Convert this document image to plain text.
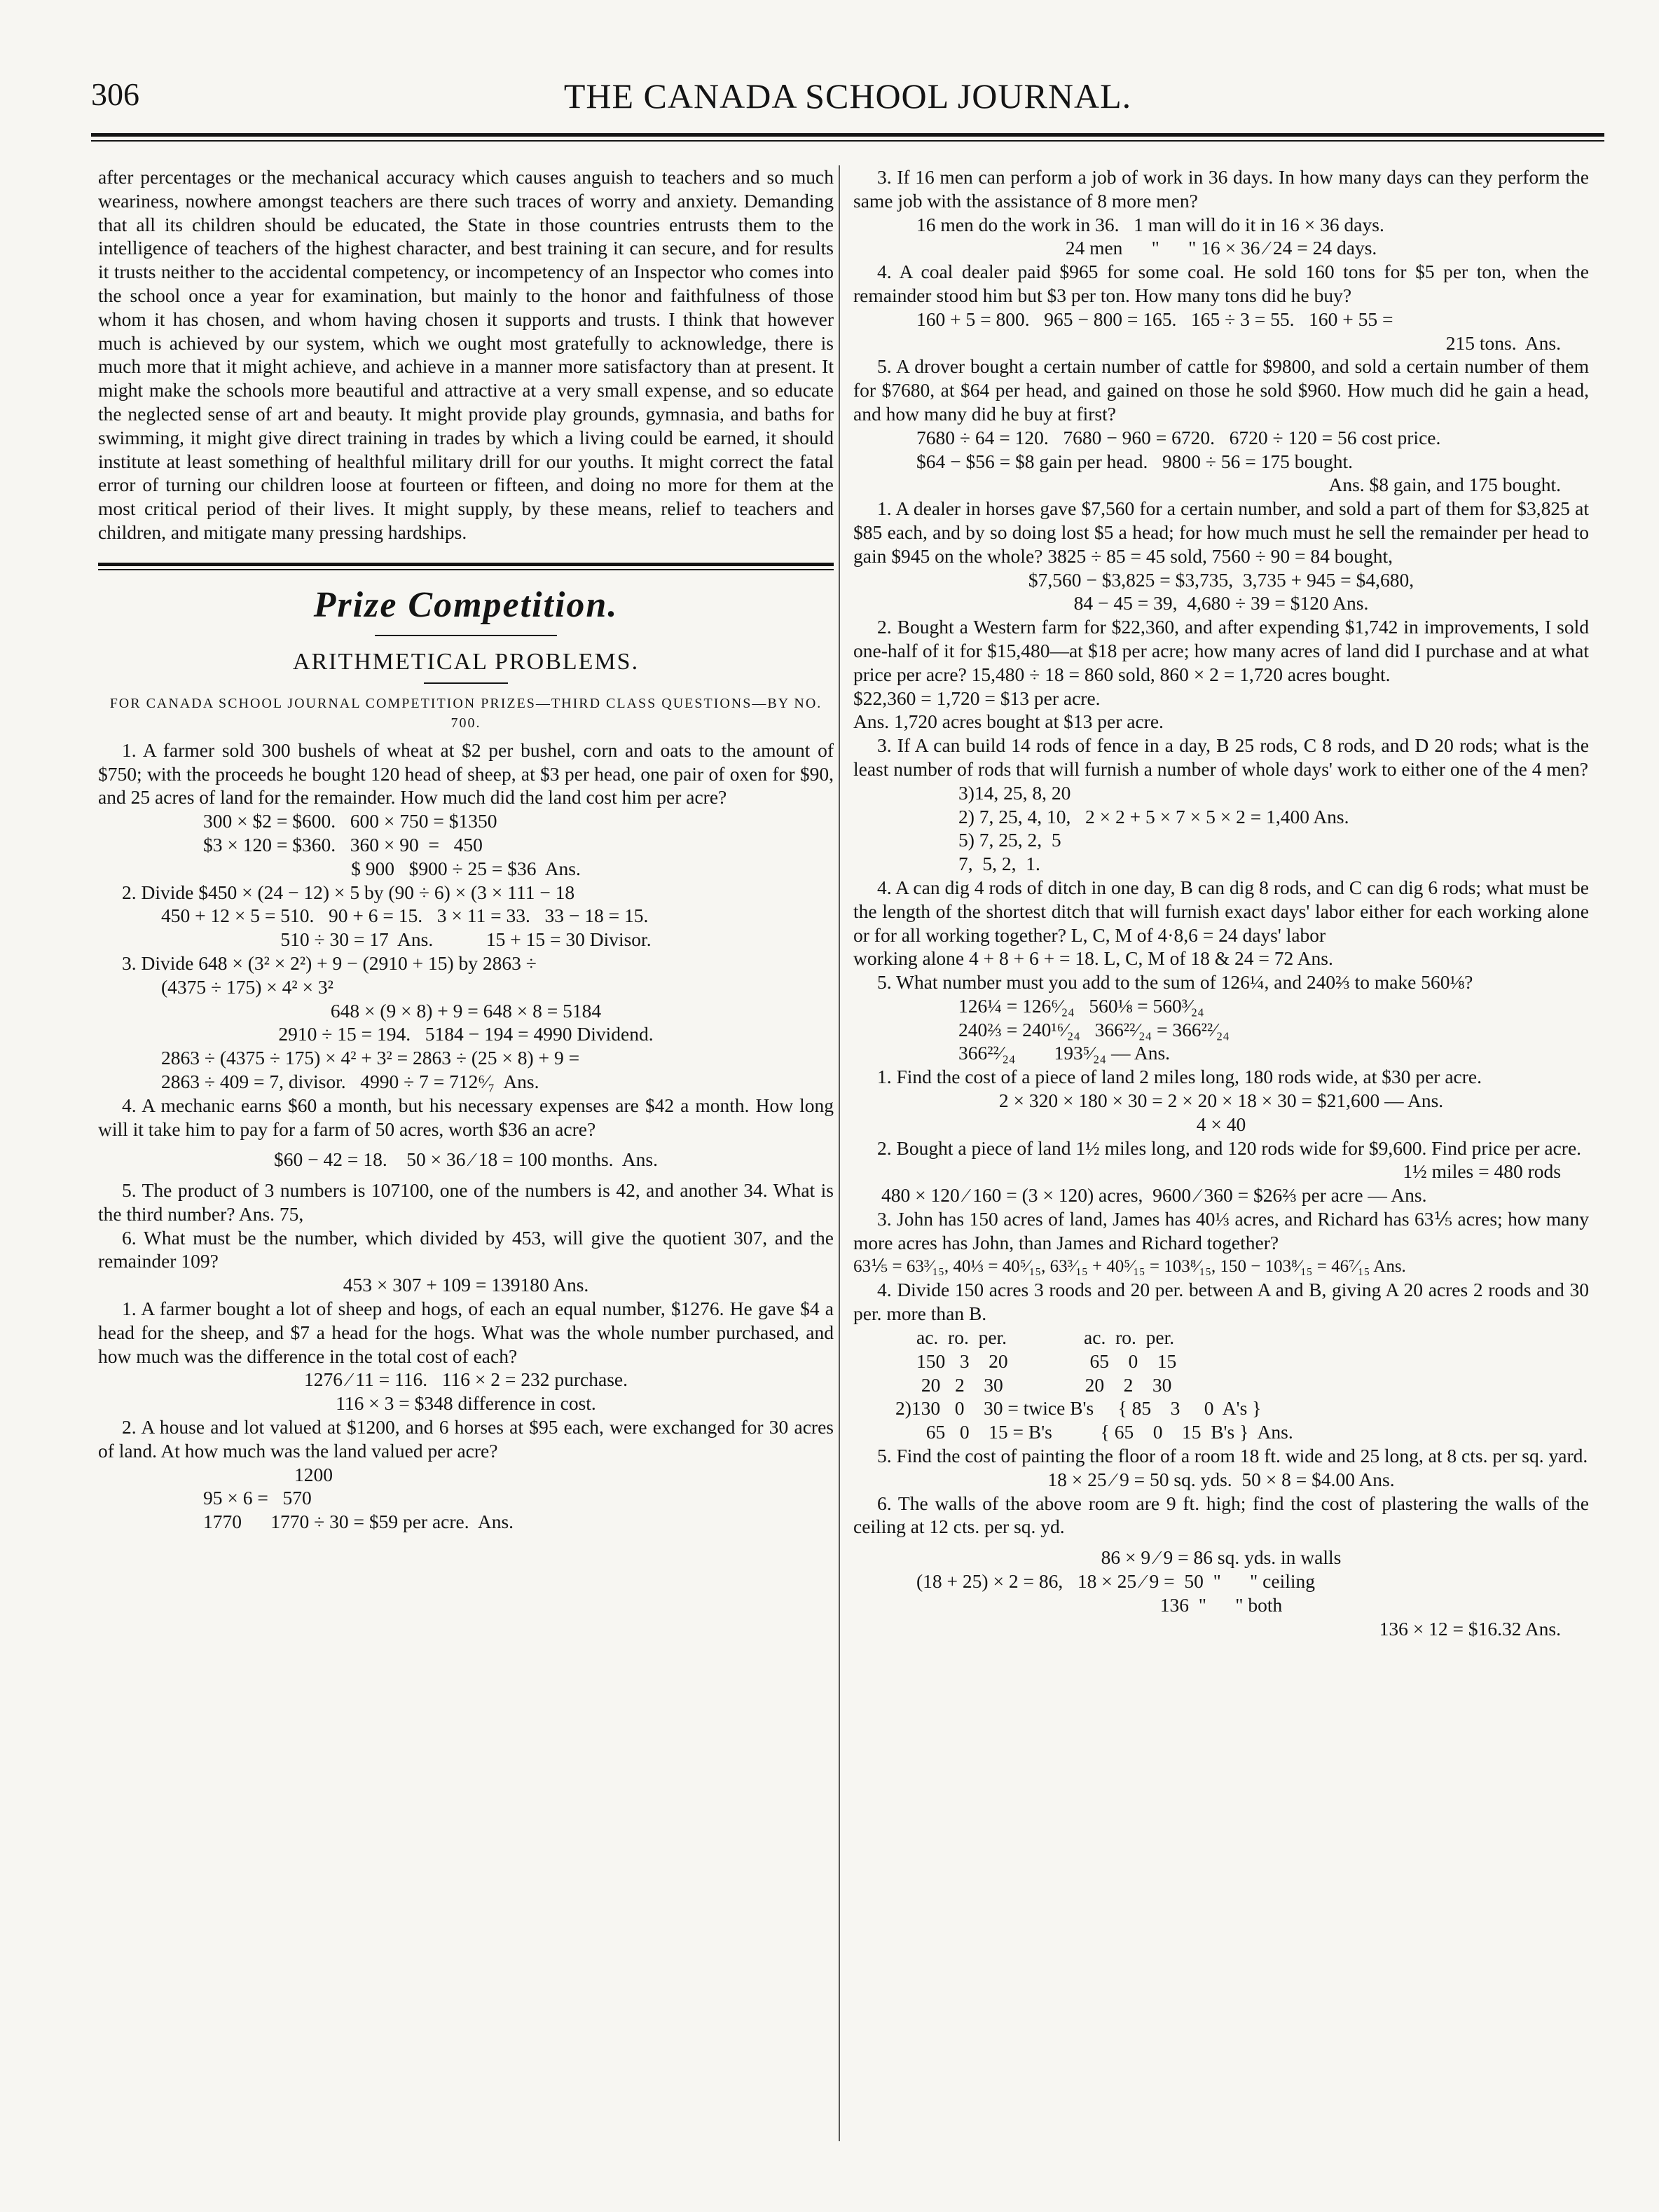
THE CANADA SCHOOL JOURNAL.
306

after percentages or the mechanical accuracy which causes anguish to teachers and so much weariness, nowhere amongst teachers are there such traces of worry and anxiety. Demanding that all its children should be educated, the State in those countries entrusts them to the intelligence of teachers of the highest character, and best training it can secure, and for results it trusts neither to the accidental competency, or incompetency of an Inspector who comes into the school once a year for examination, but mainly to the honor and faithfulness of those whom it has chosen, and whom having chosen it supports and trusts. I think that however much is achieved by our system, which we ought most gratefully to acknowledge, there is much more that it might achieve, and achieve in a manner more satisfactory than at present. It might make the schools more beautiful and attractive at a very small expense, and so educate the neglected sense of art and beauty. It might provide play grounds, gymnasia, and baths for swimming, it might give direct training in trades by which a living could be earned, it should institute at least something of healthful military drill for our youths. It might correct the fatal error of turning our children loose at fourteen or fifteen, and doing no more for them at the most critical period of their lives. It might supply, by these means, relief to teachers and children, and mitigate many pressing hardships.

Prize Competition.
ARITHMETICAL PROBLEMS.
FOR CANADA SCHOOL JOURNAL COMPETITION PRIZES—THIRD CLASS QUESTIONS—BY NO. 700.

1. A farmer sold 300 bushels of wheat at $2 per bushel, corn and oats to the amount of $750; with the proceeds he bought 120 head of sheep, at $3 per head, one pair of oxen for $90, and 25 acres of land for the remainder. How much did the land cost him per acre?

300 × $2 = $600.   600 × 750 = $1350

$3 × 120 = $360.   360 × 90  =   450

$ 900   $900 ÷ 25 = $36  Ans.

2. Divide $450 × (24 − 12) × 5 by (90 ÷ 6) × (3 × 111 − 18

450 + 12 × 5 = 510.   90 + 6 = 15.   3 × 11 = 33.   33 − 18 = 15.

510 ÷ 30 = 17  Ans.           15 + 15 = 30 Divisor.

3. Divide 648 × (3² × 2²) + 9 − (2910 + 15) by 2863 ÷

(4375 ÷ 175) × 4² × 3²

648 × (9 × 8) + 9 = 648 × 8 = 5184

2910 ÷ 15 = 194.   5184 − 194 = 4990 Dividend.

2863 ÷ (4375 ÷ 175) × 4² + 3² = 2863 ÷ (25 × 8) + 9 =

2863 ÷ 409 = 7, divisor.   4990 ÷ 7 = 712⁶⁄₇  Ans.

4. A mechanic earns $60 a month, but his necessary expenses are $42 a month. How long will it take him to pay for a farm of 50 acres, worth $36 an acre?

$60 − 42 = 18.    50 × 36 ⁄ 18 = 100 months.  Ans.

5. The product of 3 numbers is 107100, one of the numbers is 42, and another 34. What is the third number? Ans. 75,

6. What must be the number, which divided by 453, will give the quotient 307, and the remainder 109?

453 × 307 + 109 = 139180 Ans.

1. A farmer bought a lot of sheep and hogs, of each an equal number, $1276. He gave $4 a head for the sheep, and $7 a head for the hogs. What was the whole number purchased, and how much was the difference in the total cost of each?

1276 ⁄ 11 = 116.   116 × 2 = 232 purchase.

116 × 3 = $348 difference in cost.

2. A house and lot valued at $1200, and 6 horses at $95 each, were exchanged for 30 acres of land. At how much was the land valued per acre?

1200

95 × 6 =   570

1770      1770 ÷ 30 = $59 per acre.  Ans.

3. If 16 men can perform a job of work in 36 days. In how many days can they perform the same job with the assistance of 8 more men?

16 men do the work in 36.   1 man will do it in 16 × 36 days.

24 men      "      " 16 × 36 ⁄ 24 = 24 days.

4. A coal dealer paid $965 for some coal. He sold 160 tons for $5 per ton, when the remainder stood him but $3 per ton. How many tons did he buy?

160 + 5 = 800.   965 − 800 = 165.   165 ÷ 3 = 55.   160 + 55 =

215 tons.  Ans.

5. A drover bought a certain number of cattle for $9800, and sold a certain number of them for $7680, at $64 per head, and gained on those he sold $960. How much did he gain a head, and how many did he buy at first?

7680 ÷ 64 = 120.   7680 − 960 = 6720.   6720 ÷ 120 = 56 cost price.

$64 − $56 = $8 gain per head.   9800 ÷ 56 = 175 bought.

Ans. $8 gain, and 175 bought.

1. A dealer in horses gave $7,560 for a certain number, and sold a part of them for $3,825 at $85 each, and by so doing lost $5 a head; for how much must he sell the remainder per head to gain $945 on the whole? 3825 ÷ 85 = 45 sold, 7560 ÷ 90 = 84 bought,

$7,560 − $3,825 = $3,735,  3,735 + 945 = $4,680,

84 − 45 = 39,  4,680 ÷ 39 = $120 Ans.

2. Bought a Western farm for $22,360, and after expending $1,742 in improvements, I sold one-half of it for $15,480—at $18 per acre; how many acres of land did I purchase and at what price per acre? 15,480 ÷ 18 = 860 sold, 860 × 2 = 1,720 acres bought.

$22,360 = 1,720 = $13 per acre.

Ans. 1,720 acres bought at $13 per acre.

3. If A can build 14 rods of fence in a day, B 25 rods, C 8 rods, and D 20 rods; what is the least number of rods that will furnish a number of whole days' work to either one of the 4 men?

3)14, 25, 8, 20

2) 7, 25, 4, 10,   2 × 2 + 5 × 7 × 5 × 2 = 1,400 Ans.

5) 7, 25, 2,  5

7,  5, 2,  1.

4. A can dig 4 rods of ditch in one day, B can dig 8 rods, and C can dig 6 rods; what must be the length of the shortest ditch that will furnish exact days' labor either for each working alone or for all working together? L, C, M of 4·8,6 = 24 days' labor

working alone 4 + 8 + 6 + = 18. L, C, M of 18 & 24 = 72 Ans.

5. What number must you add to the sum of 126¼, and 240⅔ to make 560⅛?

126¼ = 126⁶⁄₂₄   560⅛ = 560³⁄₂₄

240⅔ = 240¹⁶⁄₂₄   366²²⁄₂₄ = 366²²⁄₂₄

366²²⁄₂₄        193⁵⁄₂₄ — Ans.

1. Find the cost of a piece of land 2 miles long, 180 rods wide, at $30 per acre.

2 × 320 × 180 × 30 = 2 × 20 × 18 × 30 = $21,600 — Ans.

4 × 40

2. Bought a piece of land 1½ miles long, and 120 rods wide for $9,600. Find price per acre.

1½ miles = 480 rods

480 × 120 ⁄ 160 = (3 × 120) acres,  9600 ⁄ 360 = $26⅔ per acre — Ans.

3. John has 150 acres of land, James has 40⅓ acres, and Richard has 63⅕ acres; how many more acres has John, than James and Richard together?

63⅕ = 63³⁄₁₅, 40⅓ = 40⁵⁄₁₅, 63³⁄₁₅ + 40⁵⁄₁₅ = 103⁸⁄₁₅, 150 − 103⁸⁄₁₅ = 46⁷⁄₁₅ Ans.

4. Divide 150 acres 3 roods and 20 per. between A and B, giving A 20 acres 2 roods and 30 per. more than B.

ac.  ro.  per.                ac.  ro.  per.

150   3    20                 65    0    15

20   2    30                 20    2    30

2)130   0    30 = twice B's     { 85    3     0  A's }

65   0    15 = B's          { 65    0    15  B's }  Ans.

5. Find the cost of painting the floor of a room 18 ft. wide and 25 long, at 8 cts. per sq. yard.

18 × 25 ⁄ 9 = 50 sq. yds.  50 × 8 = $4.00 Ans.

6. The walls of the above room are 9 ft. high; find the cost of plastering the walls of the ceiling at 12 cts. per sq. yd.

86 × 9 ⁄ 9 = 86 sq. yds. in walls

(18 + 25) × 2 = 86,   18 × 25 ⁄ 9 =  50  "      " ceiling

136  "      " both

136 × 12 = $16.32 Ans.
